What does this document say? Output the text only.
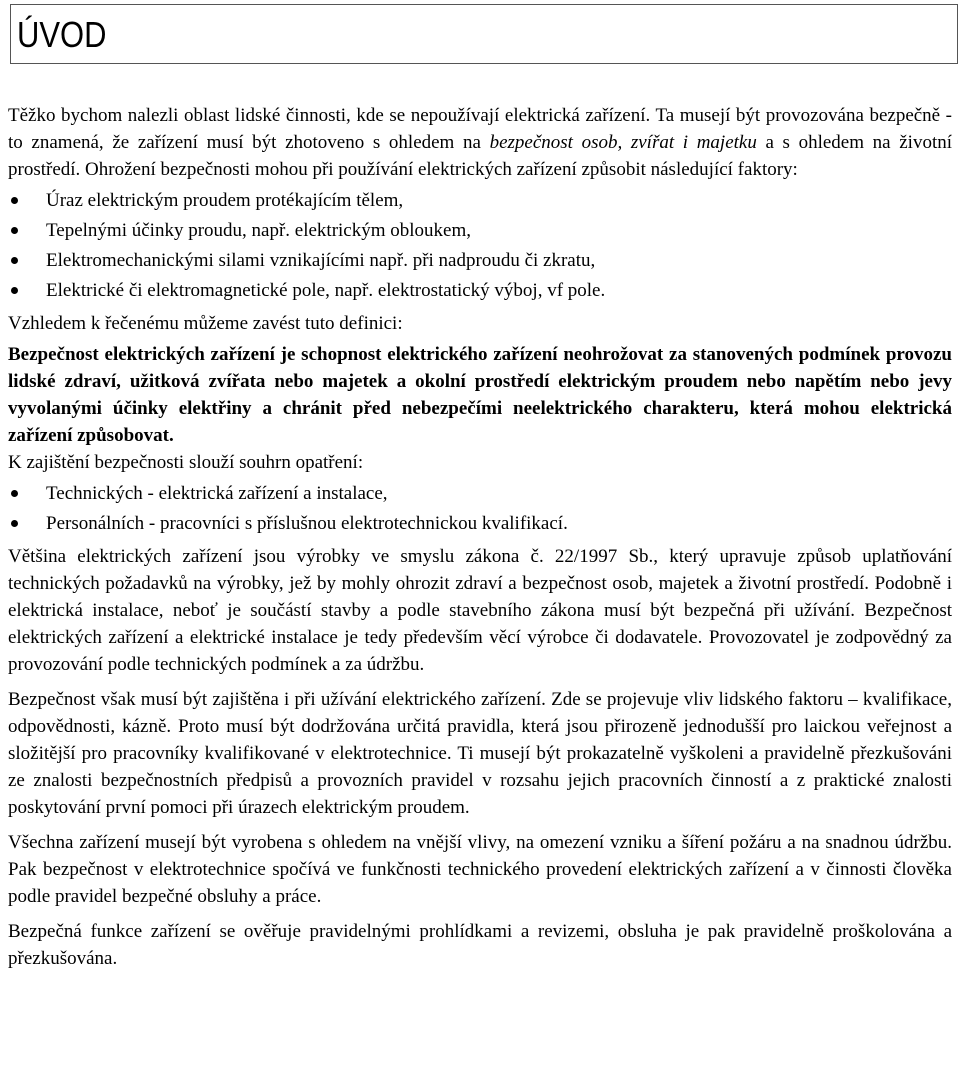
ÚVOD

Těžko bychom nalezli oblast lidské činnosti, kde se nepoužívají elektrická zařízení. Ta musejí být provozována bezpečně - to znamená, že zařízení musí být zhotoveno s ohledem na bezpečnost osob, zvířat i majetku a s ohledem na životní prostředí. Ohrožení bezpečnosti mohou při používání elektrických zařízení způsobit následující faktory:

Úraz elektrickým proudem protékajícím tělem,
Tepelnými účinky proudu, např. elektrickým obloukem,
Elektromechanickými silami vznikajícími např. při nadproudu či zkratu,
Elektrické či elektromagnetické pole, např. elektrostatický výboj, vf pole.

Vzhledem k řečenému můžeme zavést tuto definici:

Bezpečnost elektrických zařízení je schopnost elektrického zařízení neohrožovat za stanovených podmínek provozu lidské zdraví, užitková zvířata nebo majetek a okolní prostředí elektrickým proudem nebo napětím nebo jevy vyvolanými účinky elektřiny a chránit před nebezpečími neelektrického charakteru, která mohou elektrická zařízení způsobovat.

K zajištění bezpečnosti slouží souhrn opatření:

Technických - elektrická zařízení a instalace,
Personálních - pracovníci s příslušnou elektrotechnickou kvalifikací.

Většina elektrických zařízení jsou výrobky ve smyslu zákona č. 22/1997 Sb., který upravuje způsob uplatňování technických požadavků na výrobky, jež by mohly ohrozit zdraví a bezpečnost osob, majetek a životní prostředí. Podobně i elektrická instalace, neboť je součástí stavby a podle stavebního zákona musí být bezpečná při užívání. Bezpečnost elektrických zařízení a elektrické instalace je tedy především věcí výrobce či dodavatele. Provozovatel je zodpovědný za provozování podle technických podmínek a za údržbu.

Bezpečnost však musí být zajištěna i při užívání elektrického zařízení. Zde se projevuje vliv lidského faktoru – kvalifikace, odpovědnosti, kázně. Proto musí být dodržována určitá pravidla, která jsou přirozeně jednodušší pro laickou veřejnost a složitější pro pracovníky kvalifikované v elektrotechnice. Ti musejí být prokazatelně vyškoleni a pravidelně přezkušováni ze znalosti bezpečnostních předpisů a provozních pravidel v rozsahu jejich pracovních činností a z praktické znalosti poskytování první pomoci při úrazech elektrickým proudem.

Všechna zařízení musejí být vyrobena s ohledem na vnější vlivy, na omezení vzniku a šíření požáru a na snadnou údržbu. Pak bezpečnost v elektrotechnice spočívá ve funkčnosti technického provedení elektrických zařízení a v činnosti člověka podle pravidel bezpečné obsluhy a práce.

Bezpečná funkce zařízení se ověřuje pravidelnými prohlídkami a revizemi, obsluha je pak pravidelně proškolována a přezkušována.
